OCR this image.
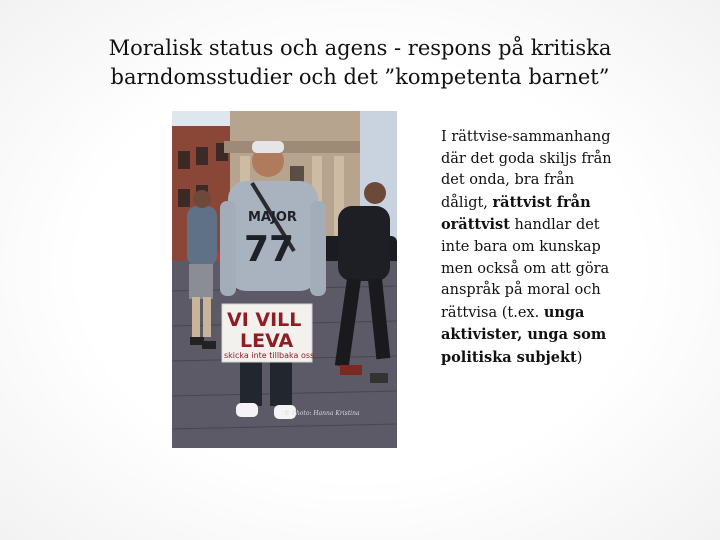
Moralisk status och agens - respons på kritiska
barndomsstudier och det ”kompetenta barnet”
MAJOR
77
VI VILL
LEVA
skicka inte tillbaka oss
© Photo: Hanna Kristina
I rättvise-sammanhang där det goda skiljs från det onda, bra från dåligt, rättvist från orättvist handlar det inte bara om kunskap men också om att göra anspråk på moral och rättvisa (t.ex. unga aktivister, unga som politiska subjekt)
